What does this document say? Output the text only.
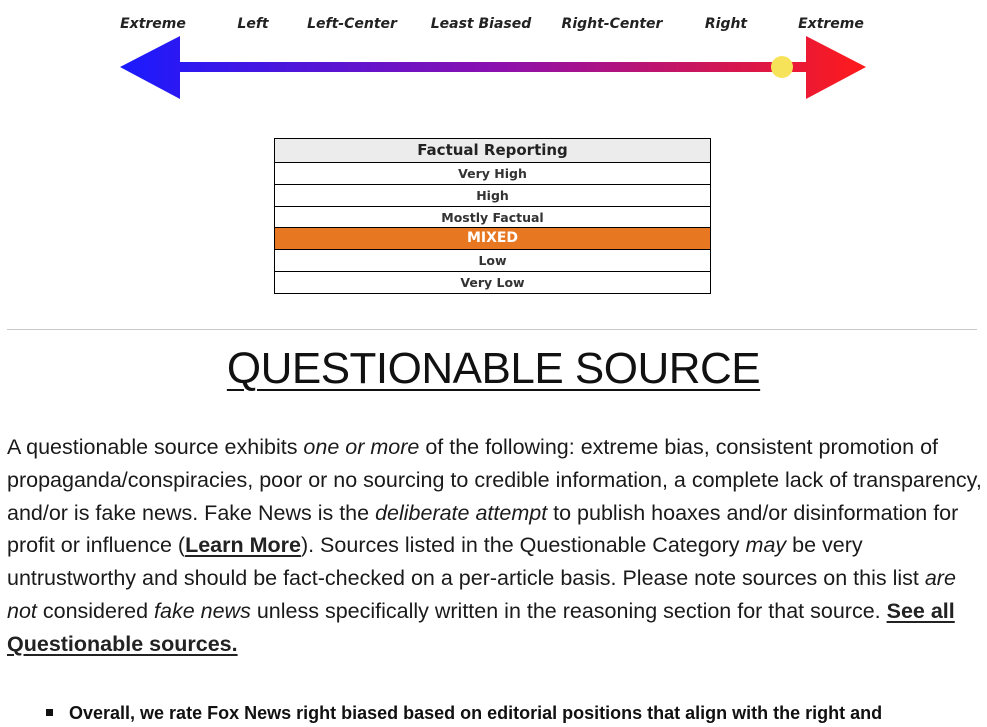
Extreme	Left	Left-Center Least Biased Right-Center	Right	Extreme
Factual Reporting
Very High
High
Mostly Factual
MIXED
Low
Very Low
QUESTIONABLE SOURCE
A questionable source exhibits one or more of the following: extreme bias, consistent promotion of propaganda/conspiracies, poor or no sourcing to credible information, a complete lack of transparency, and/or is fake news. Fake News is the deliberate attempt to publish hoaxes and/or disinformation for profit or influence (Learn More). Sources listed in the Questionable Category may be very untrustworthy and should be fact-checked on a per-article basis. Please note sources on this list are not considered fake news unless specifically written in the reasoning section for that source. See all Questionable sources.
Overall, we rate Fox News right biased based on editorial positions that align with the right and
